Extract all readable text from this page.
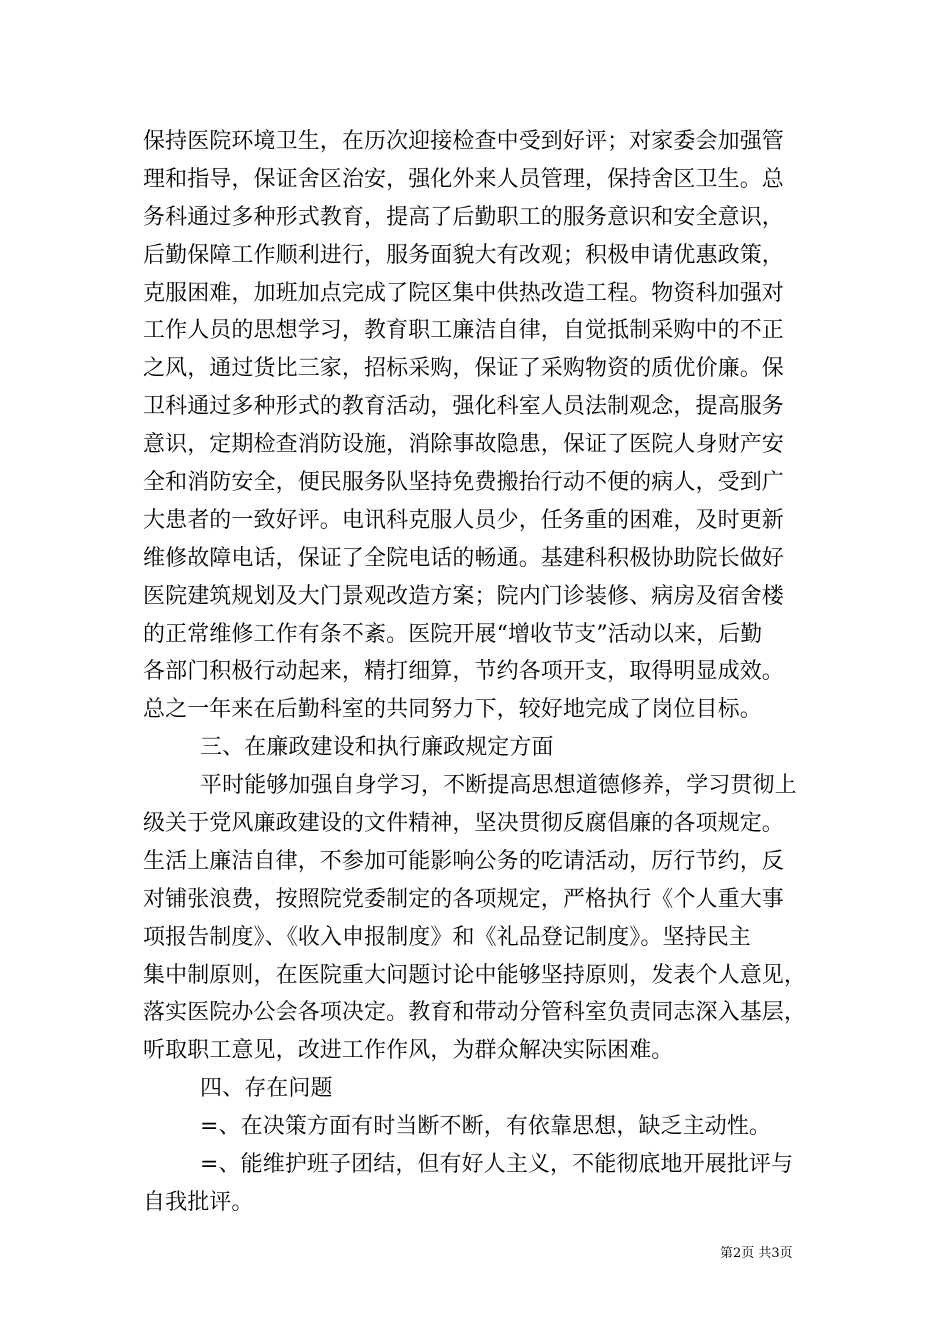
保持医院环境卫生，在历次迎接检查中受到好评；对家委会加强管
理和指导，保证舍区治安，强化外来人员管理，保持舍区卫生。总
务科通过多种形式教育，提高了后勤职工的服务意识和安全意识，
后勤保障工作顺利进行，服务面貌大有改观；积极申请优惠政策，
克服困难，加班加点完成了院区集中供热改造工程。物资科加强对
工作人员的思想学习，教育职工廉洁自律，自觉抵制采购中的不正
之风，通过货比三家，招标采购，保证了采购物资的质优价廉。保
卫科通过多种形式的教育活动，强化科室人员法制观念，提高服务
意识，定期检查消防设施，消除事故隐患，保证了医院人身财产安
全和消防安全，便民服务队坚持免费搬抬行动不便的病人，受到广
大患者的一致好评。电讯科克服人员少，任务重的困难，及时更新
维修故障电话，保证了全院电话的畅通。基建科积极协助院长做好
医院建筑规划及大门景观改造方案；院内门诊装修、病房及宿舍楼
的正常维修工作有条不紊。医院开展“增收节支”活动以来，后勤
各部门积极行动起来，精打细算，节约各项开支，取得明显成效。
总之一年来在后勤科室的共同努力下，较好地完成了岗位目标。
三、在廉政建设和执行廉政规定方面
平时能够加强自身学习，不断提高思想道德修养，学习贯彻上
级关于党风廉政建设的文件精神，坚决贯彻反腐倡廉的各项规定。
生活上廉洁自律，不参加可能影响公务的吃请活动，厉行节约，反
对铺张浪费，按照院党委制定的各项规定，严格执行《个人重大事
项报告制度》、《收入申报制度》和《礼品登记制度》。坚持民主
集中制原则，在医院重大问题讨论中能够坚持原则，发表个人意见，
落实医院办公会各项决定。教育和带动分管科室负责同志深入基层，
听取职工意见，改进工作作风，为群众解决实际困难。
四、存在问题
=、在决策方面有时当断不断，有依靠思想，缺乏主动性。
=、能维护班子团结，但有好人主义，不能彻底地开展批评与
自我批评。
第2页 共3页
